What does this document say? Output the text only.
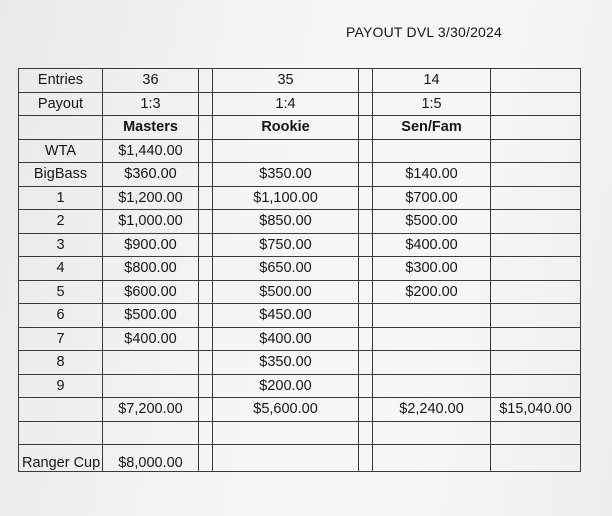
PAYOUT DVL 3/30/2024
Entries	36		35		14	
Payout	1:3		1:4		1:5	
	Masters		Rookie		Sen/Fam	
WTA	$1,440.00					
BigBass	$360.00		$350.00		$140.00	
1	$1,200.00		$1,100.00		$700.00	
2	$1,000.00		$850.00		$500.00	
3	$900.00		$750.00		$400.00	
4	$800.00		$650.00		$300.00	
5	$600.00		$500.00		$200.00	
6	$500.00		$450.00			
7	$400.00		$400.00			
8			$350.00			
9			$200.00			
	$7,200.00		$5,600.00		$2,240.00	$15,040.00

Ranger Cup	$8,000.00					
